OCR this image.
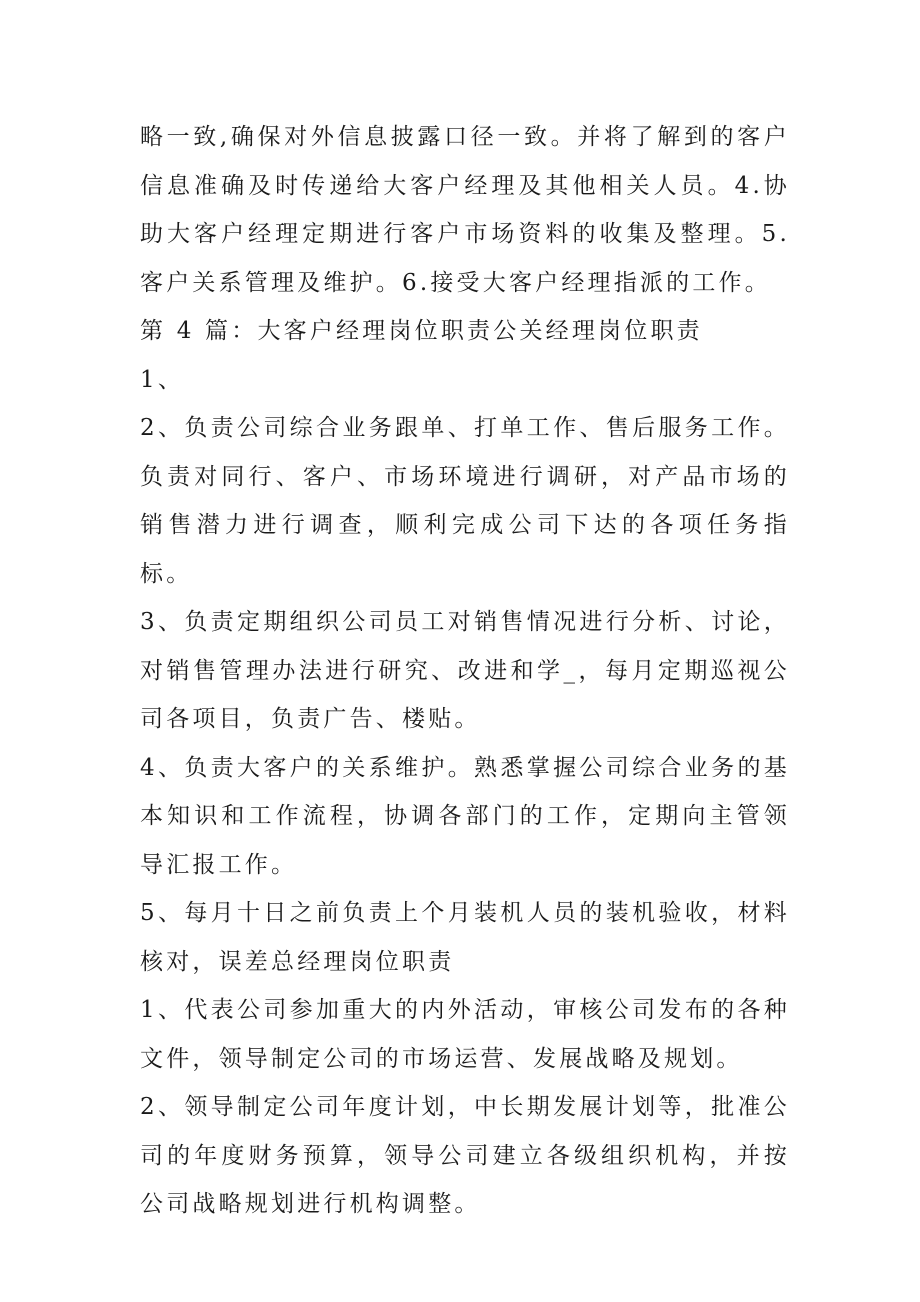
略一致,确保对外信息披露口径一致。并将了解到的客户信息准确及时传递给大客户经理及其他相关人员。4.协助大客户经理定期进行客户市场资料的收集及整理。5.客户关系管理及维护。6.接受大客户经理指派的工作。

第 4 篇：大客户经理岗位职责公关经理岗位职责

1、

2、负责公司综合业务跟单、打单工作、售后服务工作。 负责对同行、客户、市场环境进行调研，对产品市场的销售潜力进行调查，顺利完成公司下达的各项任务指标。

3、负责定期组织公司员工对销售情况进行分析、讨论，对销售管理办法进行研究、改进和学_，每月定期巡视公司各项目，负责广告、楼贴。

4、负责大客户的关系维护。熟悉掌握公司综合业务的基本知识和工作流程，协调各部门的工作，定期向主管领导汇报工作。

5、每月十日之前负责上个月装机人员的装机验收，材料核对，误差总经理岗位职责

1、代表公司参加重大的内外活动，审核公司发布的各种文件，领导制定公司的市场运营、发展战略及规划。

2、领导制定公司年度计划，中长期发展计划等，批准公司的年度财务预算，领导公司建立各级组织机构，并按公司战略规划进行机构调整。
